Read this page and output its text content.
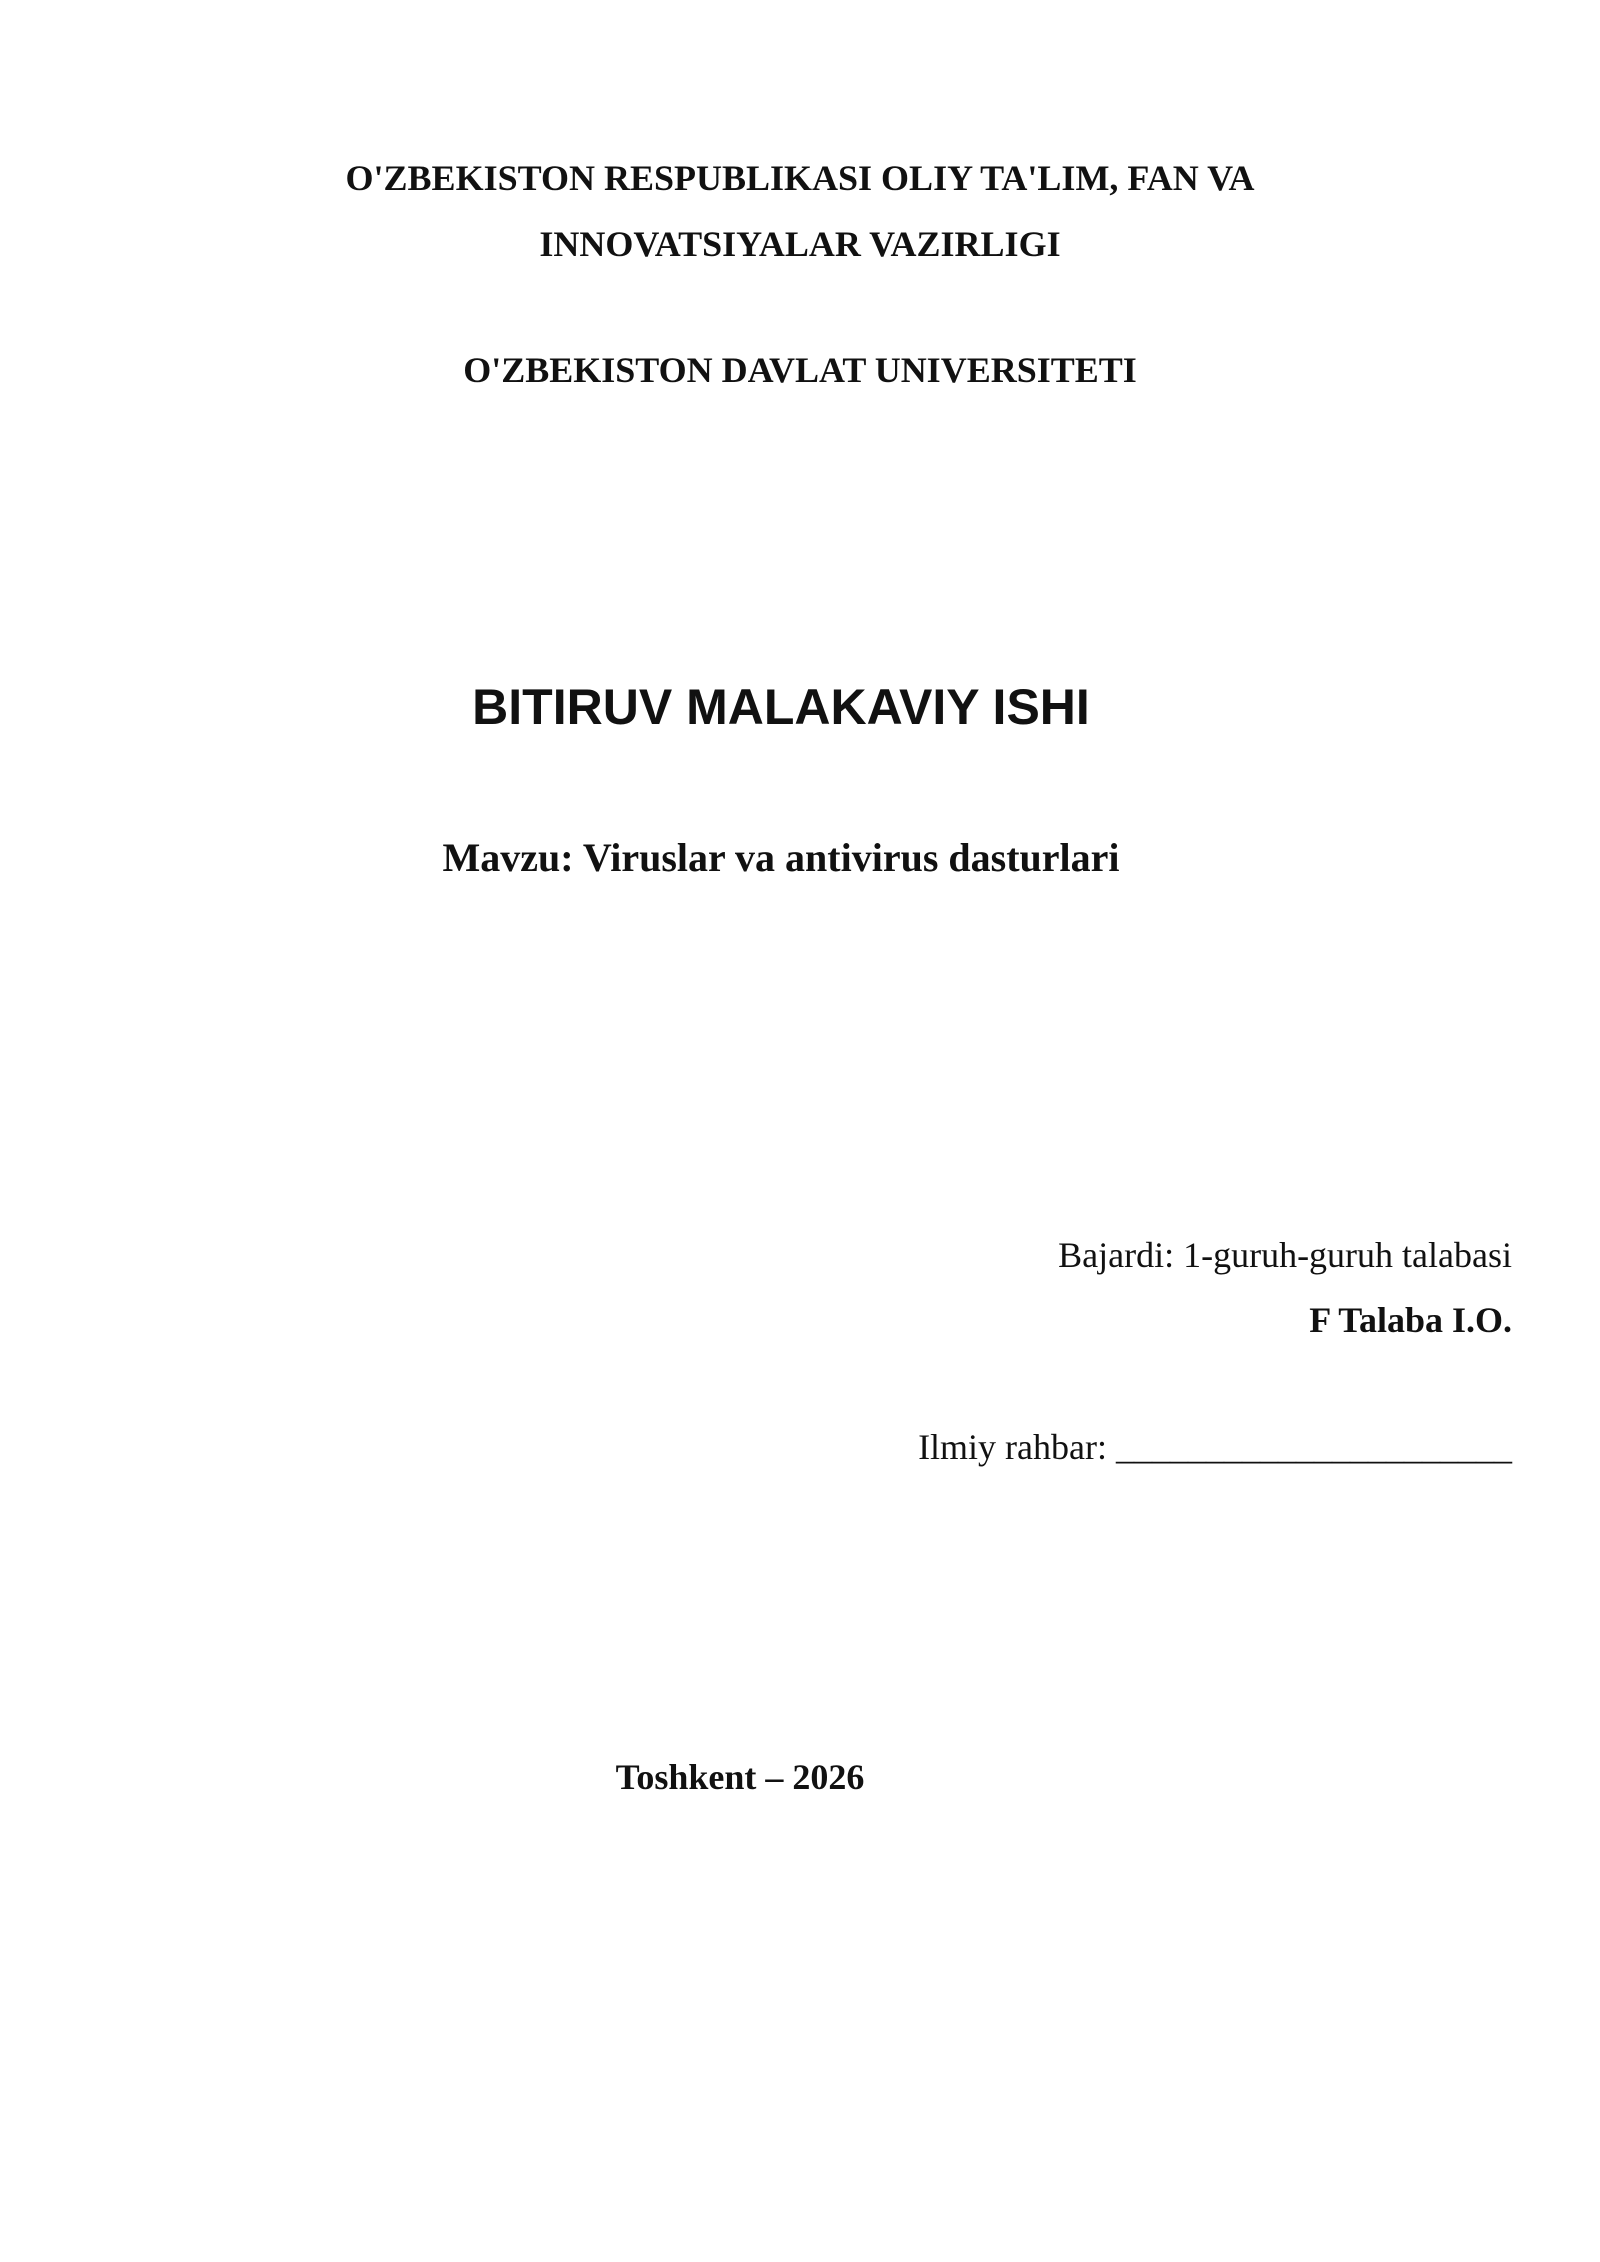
O'ZBEKISTON RESPUBLIKASI OLIY TA'LIM, FAN VA
INNOVATSIYALAR VAZIRLIGI
O'ZBEKISTON DAVLAT UNIVERSITETI
BITIRUV MALAKAVIY ISHI
Mavzu: Viruslar va antivirus dasturlari
Bajardi: 1-guruh-guruh talabasi
F Talaba I.O.
Ilmiy rahbar: ______________________
Toshkent – 2026
